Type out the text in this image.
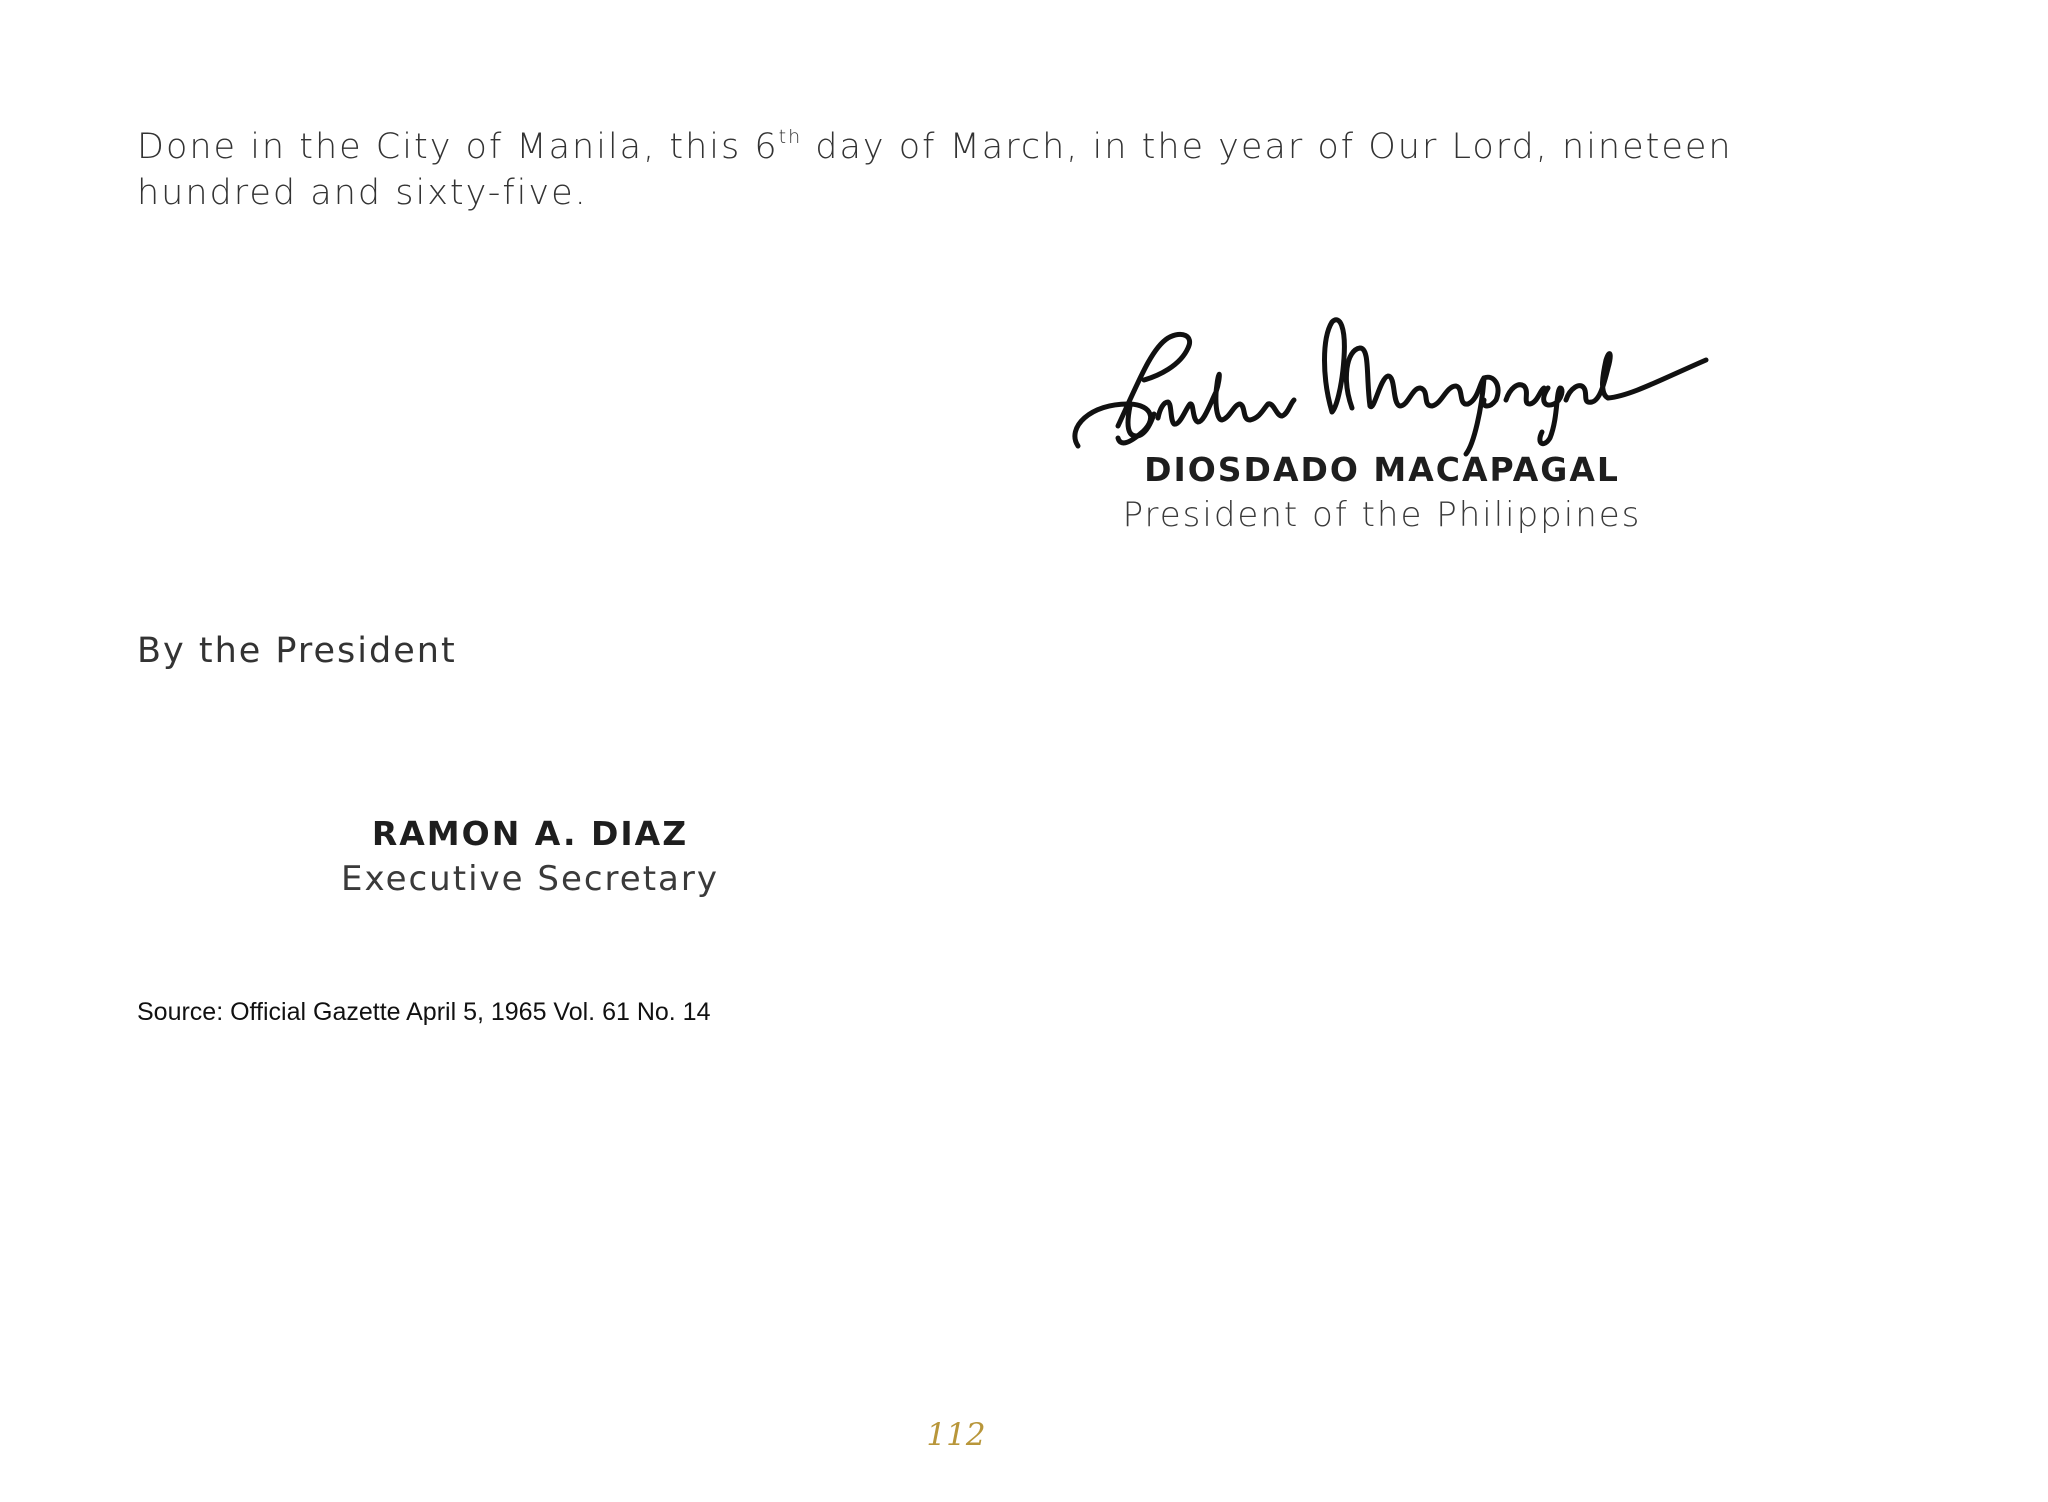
Done in the City of Manila, this 6th day of March, in the year of Our Lord, nineteen hundred and sixty-five.

DIOSDADO MACAPAGAL
President of the Philippines
By the President
RAMON A. DIAZ
Executive Secretary
Source: Official Gazette April 5, 1965 Vol. 61 No. 14
112
